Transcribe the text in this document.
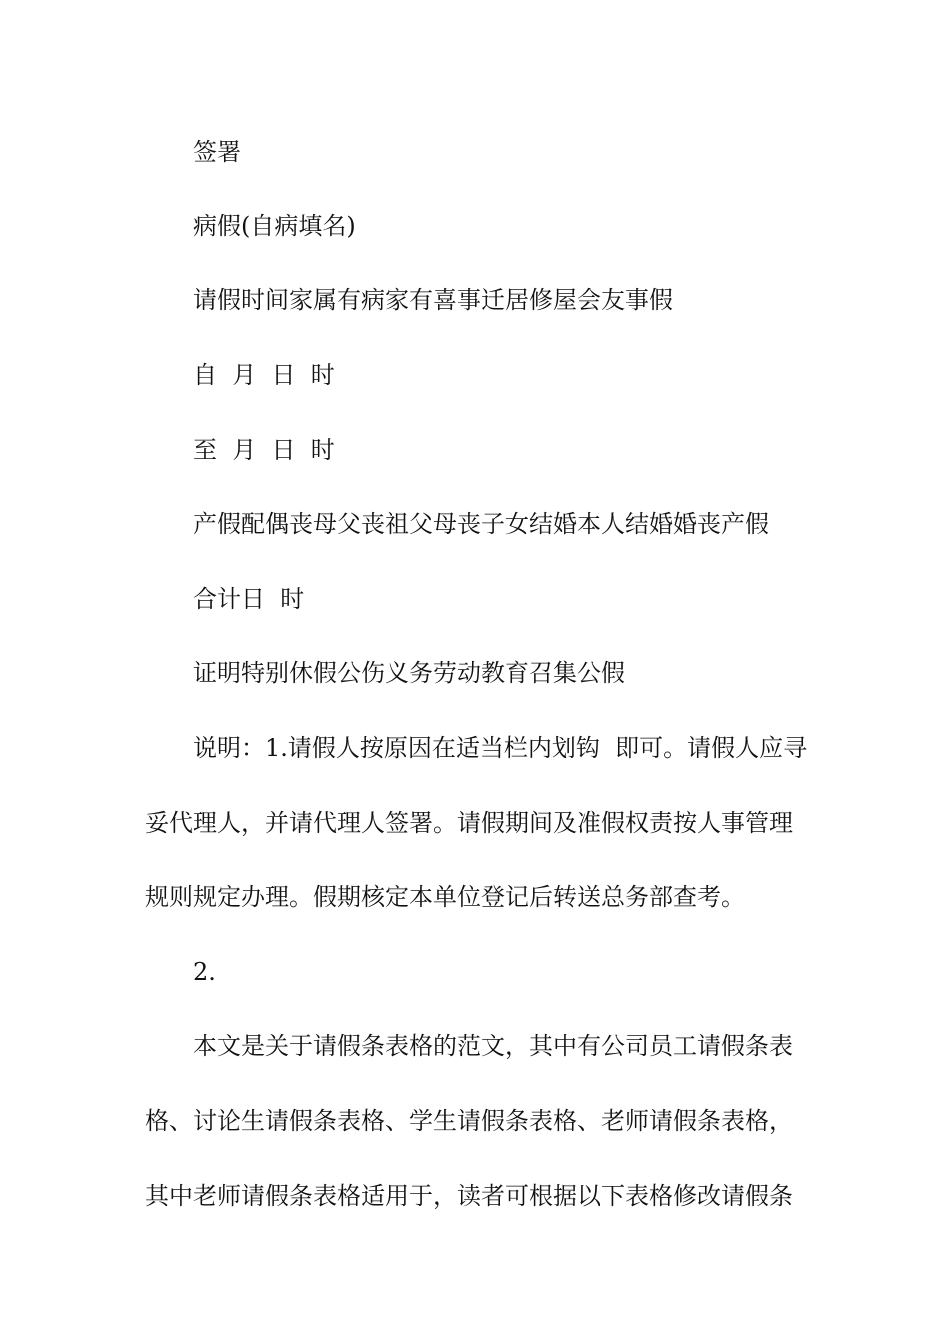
签署
病假(自病填名)
请假时间家属有病家有喜事迁居修屋会友事假
自  月  日  时
至  月  日  时
产假配偶丧母父丧祖父母丧子女结婚本人结婚婚丧产假
合计日  时
证明特别休假公伤义务劳动教育召集公假
说明：1.请假人按原因在适当栏内划钩  即可。请假人应寻
妥代理人，并请代理人签署。请假期间及准假权责按人事管理
规则规定办理。假期核定本单位登记后转送总务部查考。
2.
本文是关于请假条表格的范文，其中有公司员工请假条表
格、讨论生请假条表格、学生请假条表格、老师请假条表格，
其中老师请假条表格适用于，读者可根据以下表格修改请假条
